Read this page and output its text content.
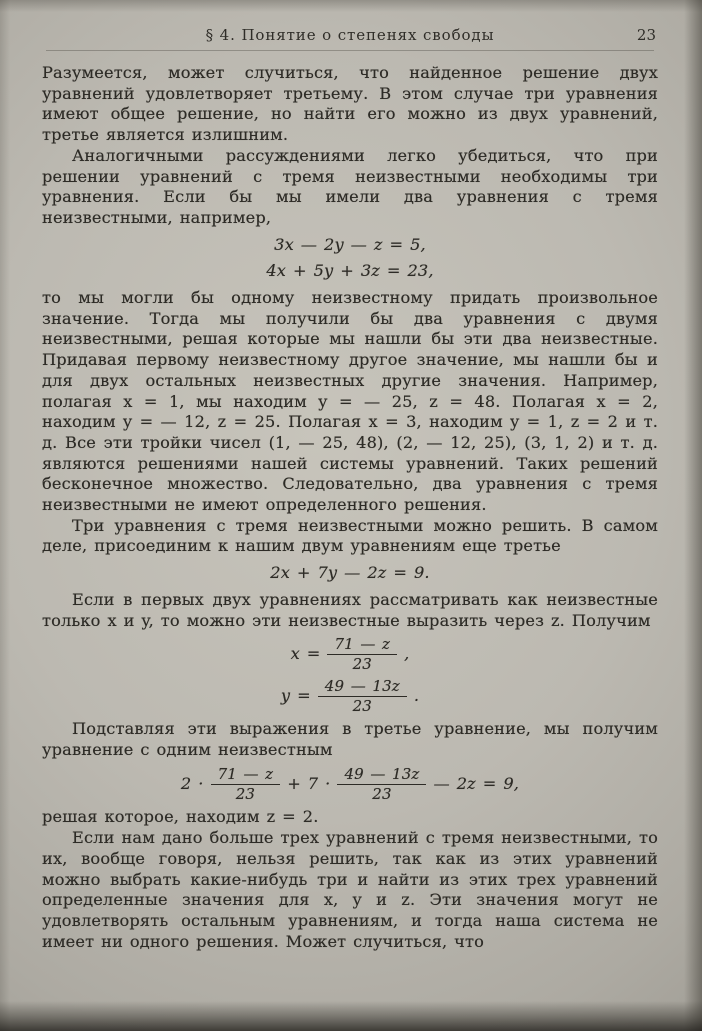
§ 4. Понятие о степенях свободы	23

Разумеется, может случиться, что найденное решение двух уравнений удовлетворяет третьему. В этом случае три уравнения имеют общее решение, но найти его можно из двух уравнений, третье является излишним.

Аналогичными рассуждениями легко убедиться, что при решении уравнений с тремя неизвестными необходимы три уравнения. Если бы мы имели два уравнения с тремя неизвестными, например,

3x — 2y — z = 5,
4x + 5y + 3z = 23,

то мы могли бы одному неизвестному придать произвольное значение. Тогда мы получили бы два уравнения с двумя неизвестными, решая которые мы нашли бы эти два неизвестные. Придавая первому неизвестному другое значение, мы нашли бы и для двух остальных неизвестных другие значения. Например, полагая x = 1, мы находим y = — 25, z = 48. Полагая x = 2, находим y = — 12, z = 25. Полагая x = 3, находим y = 1, z = 2 и т. д. Все эти тройки чисел (1, — 25, 48), (2, — 12, 25), (3, 1, 2) и т. д. являются решениями нашей системы уравнений. Таких решений бесконечное множество. Следовательно, два уравнения с тремя неизвестными не имеют определенного решения.

Три уравнения с тремя неизвестными можно решить. В самом деле, присоединим к нашим двум уравнениям еще третье

2x + 7y — 2z = 9.

Если в первых двух уравнениях рассматривать как неизвестные только x и y, то можно эти неизвестные выразить через z. Получим

$x = \frac{71 — z}{23}$ ,
$y = \frac{49 — 13z}{23}$ .

Подставляя эти выражения в третье уравнение, мы получим уравнение с одним неизвестным

$2 \cdot \frac{71 — z}{23} + 7 \cdot \frac{49 — 13z}{23}$ — 2z = 9,

решая которое, находим z = 2.

Если нам дано больше трех уравнений с тремя неизвестными, то их, вообще говоря, нельзя решить, так как из этих уравнений можно выбрать какие-нибудь три и найти из этих трех уравнений определенные значения для x, y и z. Эти значения могут не удовлетворять остальным уравнениям, и тогда наша система не имеет ни одного решения. Может случиться, что
